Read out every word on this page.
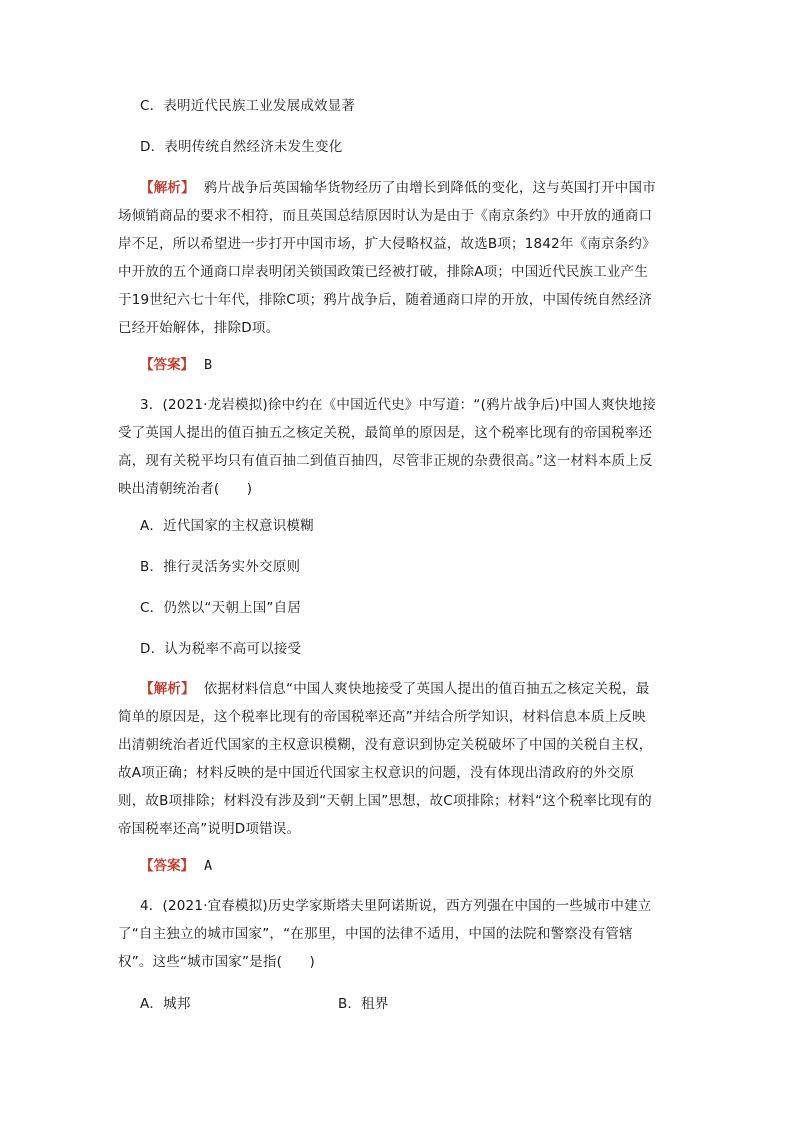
C．表明近代民族工业发展成效显著
D．表明传统自然经济未发生变化
【解析】 鸦片战争后英国输华货物经历了由增长到降低的变化，这与英国打开中国市场倾销商品的要求不相符，而且英国总结原因时认为是由于《南京条约》中开放的通商口岸不足，所以希望进一步打开中国市场，扩大侵略权益，故选B项；1842年《南京条约》中开放的五个通商口岸表明闭关锁国政策已经被打破，排除A项；中国近代民族工业产生于19世纪六七十年代，排除C项；鸦片战争后，随着通商口岸的开放，中国传统自然经济已经开始解体，排除D项。
【答案】 B
3．(2021·龙岩模拟)徐中约在《中国近代史》中写道：“(鸦片战争后)中国人爽快地接受了英国人提出的值百抽五之核定关税，最简单的原因是，这个税率比现有的帝国税率还高，现有关税平均只有值百抽二到值百抽四，尽管非正规的杂费很高。”这一材料本质上反映出清朝统治者(　　)
A．近代国家的主权意识模糊
B．推行灵活务实外交原则
C．仍然以“天朝上国”自居
D．认为税率不高可以接受
【解析】 依据材料信息“中国人爽快地接受了英国人提出的值百抽五之核定关税，最简单的原因是，这个税率比现有的帝国税率还高”并结合所学知识，材料信息本质上反映出清朝统治者近代国家的主权意识模糊，没有意识到协定关税破坏了中国的关税自主权，故A项正确；材料反映的是中国近代国家主权意识的问题，没有体现出清政府的外交原则，故B项排除；材料没有涉及到“天朝上国”思想，故C项排除；材料“这个税率比现有的帝国税率还高”说明D项错误。
【答案】 A
4．(2021·宜春模拟)历史学家斯塔夫里阿诺斯说，西方列强在中国的一些城市中建立了“自主独立的城市国家”，“在那里，中国的法律不适用，中国的法院和警察没有管辖权”。这些“城市国家”是指(　　)
A．城邦	B．租界
